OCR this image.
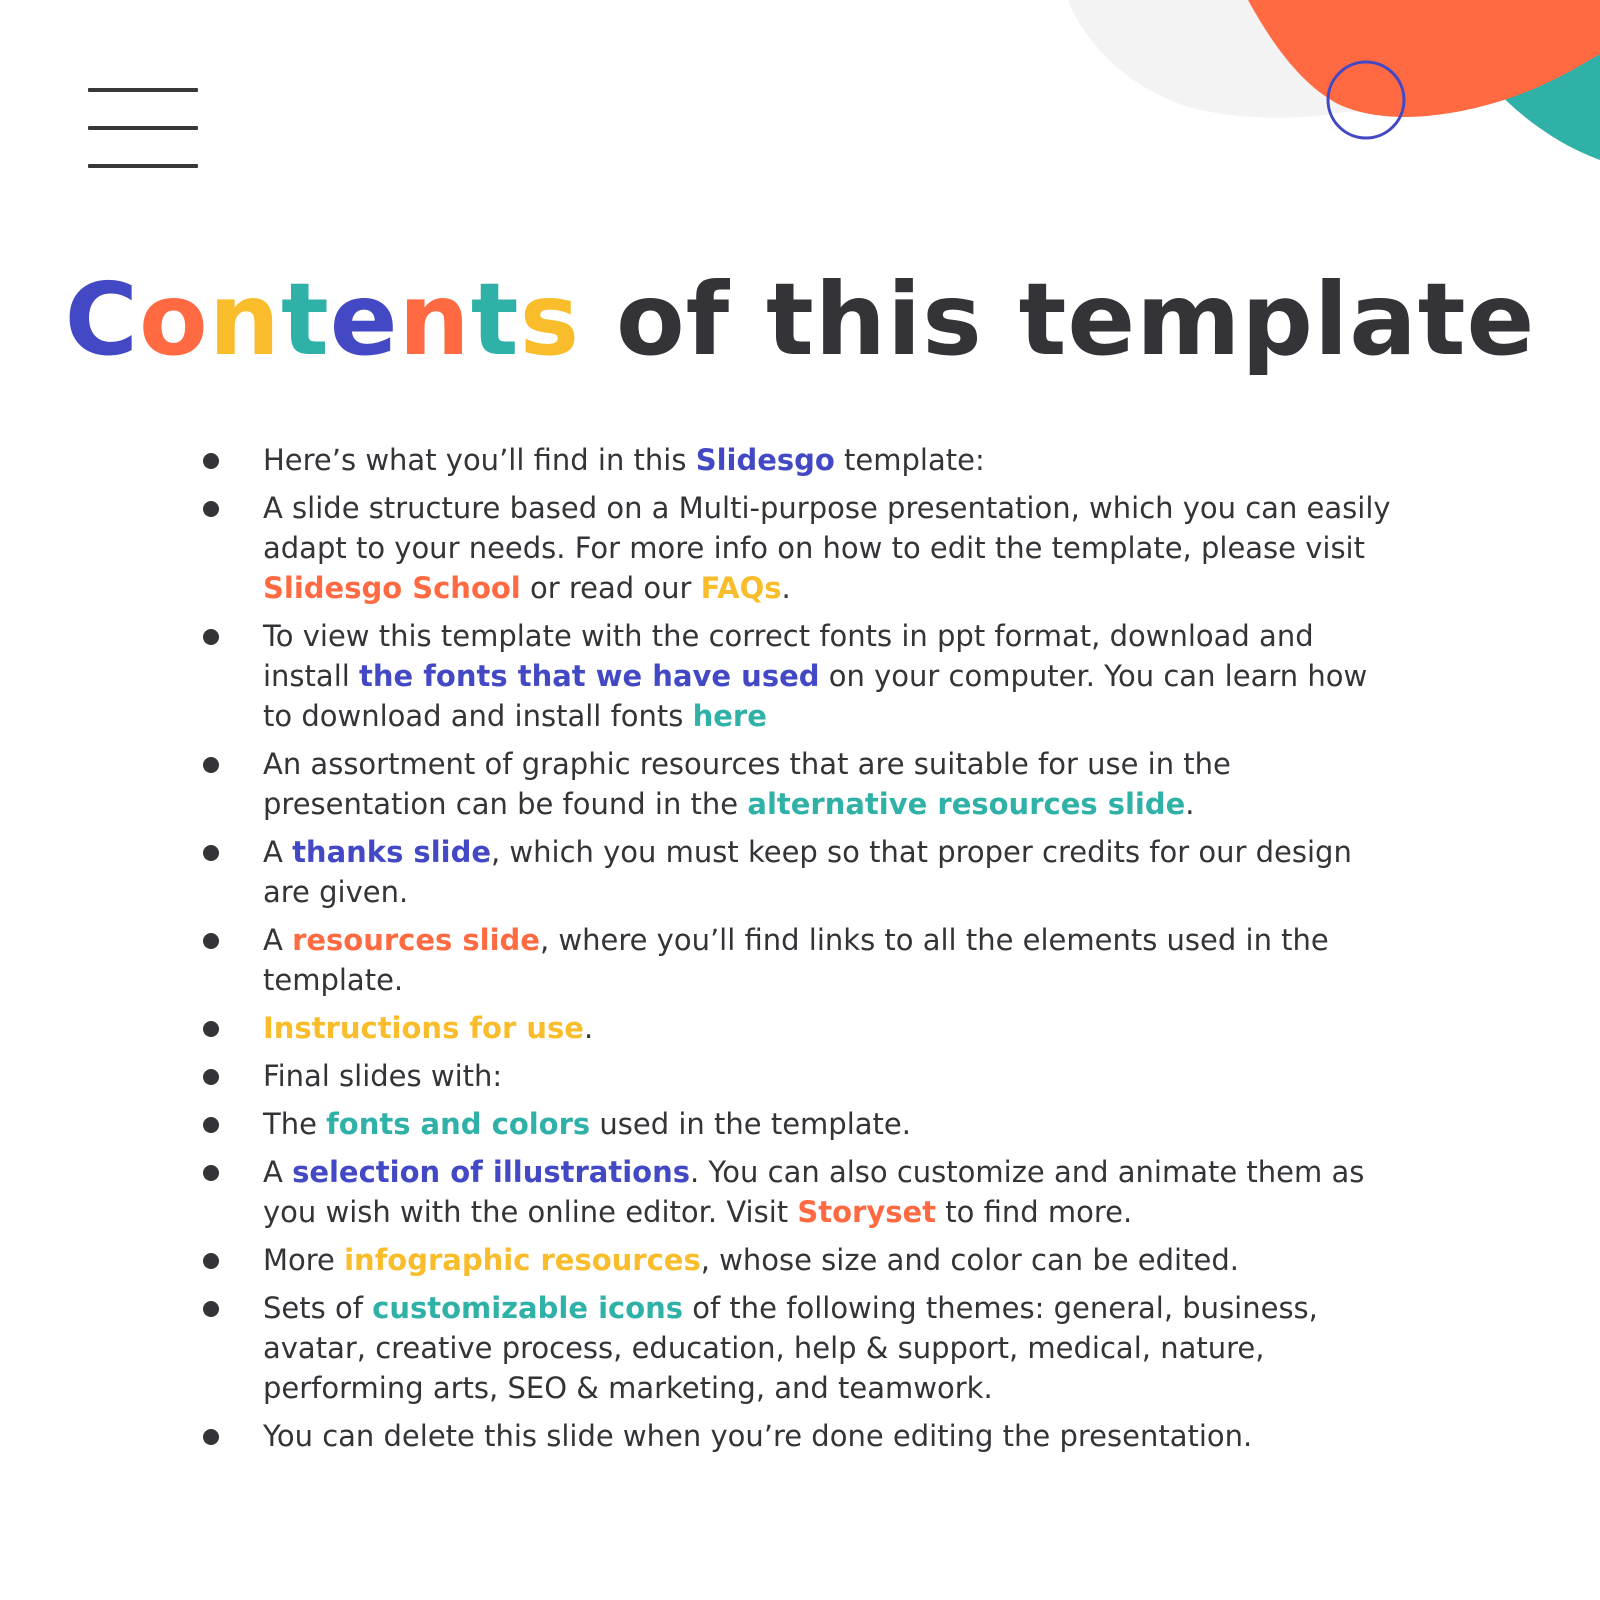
Contents of this template
Here’s what you’ll find in this Slidesgo template:
A slide structure based on a Multi-purpose presentation, which you can easily adapt to your needs. For more info on how to edit the template, please visit Slidesgo School or read our FAQs.
To view this template with the correct fonts in ppt format, download and install the fonts that we have used on your computer. You can learn how to download and install fonts here
An assortment of graphic resources that are suitable for use in the presentation can be found in the alternative resources slide.
A thanks slide, which you must keep so that proper credits for our design are given.
A resources slide, where you’ll find links to all the elements used in the template.
Instructions for use.
Final slides with:
The fonts and colors used in the template.
A selection of illustrations. You can also customize and animate them as you wish with the online editor. Visit Storyset to find more.
More infographic resources, whose size and color can be edited.
Sets of customizable icons of the following themes: general, business, avatar, creative process, education, help & support, medical, nature, performing arts, SEO & marketing, and teamwork.
You can delete this slide when you’re done editing the presentation.
